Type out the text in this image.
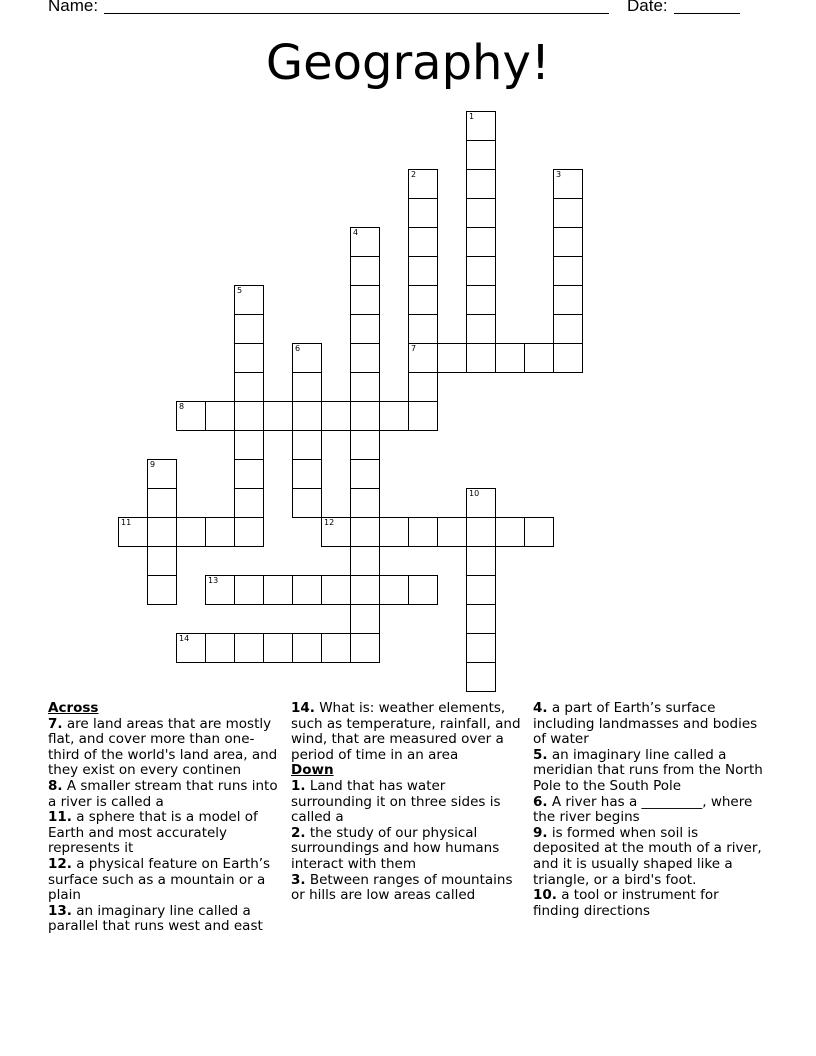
Name:	Date:
Geography!
1
2
7
3
4
5
6
8
9
10
11	12
13
14
Across
7. are land areas that are mostly flat, and cover more than one-third of the world's land area, and they exist on every continen
8. A smaller stream that runs into a river is called a
11. a sphere that is a model of Earth and most accurately represents it
12. a physical feature on Earth’s surface such as a mountain or a plain
13. an imaginary line called a parallel that runs west and east
14. What is: weather elements, such as temperature, rainfall, and wind, that are measured over a period of time in an area
Down
1. Land that has water surrounding it on three sides is called a
2. the study of our physical surroundings and how humans interact with them
3. Between ranges of mountains or hills are low areas called
4. a part of Earth’s surface including landmasses and bodies of water
5. an imaginary line called a meridian that runs from the North Pole to the South Pole
6. A river has a _________, where the river begins
9. is formed when soil is deposited at the mouth of a river, and it is usually shaped like a triangle, or a bird's foot.
10. a tool or instrument for finding directions
